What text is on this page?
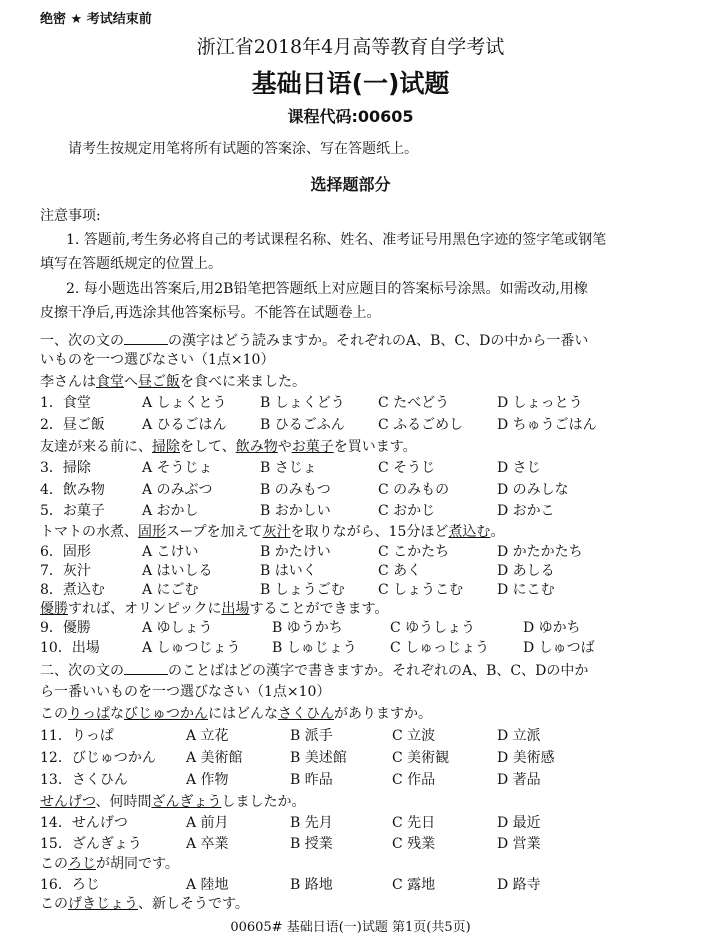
绝密 ★ 考试结束前
浙江省2018年4月高等教育自学考试
基础日语(一)试题
课程代码:00605
请考生按规定用笔将所有试题的答案涂、写在答题纸上。
选择题部分
注意事项:
1. 答题前,考生务必将自己的考试课程名称、姓名、准考证号用黑色字迹的签字笔或钢笔
填写在答题纸规定的位置上。
2. 每小题选出答案后,用2B铅笔把答题纸上对应题目的答案标号涂黑。如需改动,用橡
皮擦干净后,再选涂其他答案标号。不能答在试题卷上。
一、次の文の	の漢字はどう読みますか。それぞれのA、B、C、Dの中から一番い
いものを一つ選びなさい（1点×10）
李さんは食堂へ昼ご飯を食べに来ました。
友達が来る前に、掃除をして、飲み物やお菓子を買います。
トマトの水煮、固形スープを加えて灰汁を取りながら、15分ほど煮込む。
優勝すれば、オリンピックに出場することができます。
二、次の文の	のことばはどの漢字で書きますか。それぞれのA、B、C、Dの中か
ら一番いいものを一つ選びなさい（1点×10）
このりっぱなびじゅつかんにはどんなさくひんがありますか。
せんげつ、何時間ざんぎょうしましたか。
このろじが胡同です。
このげきじょう、新しそうです。
00605# 基础日语(一)试题 第1页(共5页)
1．食堂	A しょくとう B しょくどう C たべどう	D しょっとう
2．昼ご飯	A ひるごはん B ひるごふん C ふるごめし D ちゅうごはん
3．掃除	A そうじょ	B さじょ	C そうじ	D さじ
4．飲み物	A のみぶつ	B のみもつ	C のみもの	D のみしな
5．お菓子	A おかし	B おかしい	C おかじ	D おかこ
6．固形	A こけい	B かたけい	C こかたち	D かたかたち
7．灰汁	A はいしる	B はいく	C あく	D あしる
8．煮込む	A にごむ	B しょうごむ C しょうこむ D にこむ
9．優勝	A ゆしょう	B ゆうかち	C ゆうしょう	D ゆかち
10．出場	A しゅつじょう B しゅじょう C しゅっじょう D しゅつば
11．りっぱ	A 立花	B 派手	C 立波	D 立派
12．びじゅつかん A 美術館	B 美述館	C 美術観	D 美術感
13．さくひん	A 作物	B 昨品	C 作品	D 著品
14．せんげつ	A 前月	B 先月	C 先日	D 最近
15．ざんぎょう	A 卒業	B 授業	C 残業	D 営業
16．ろじ	A 陸地	B 路地	C 露地	D 路寺
